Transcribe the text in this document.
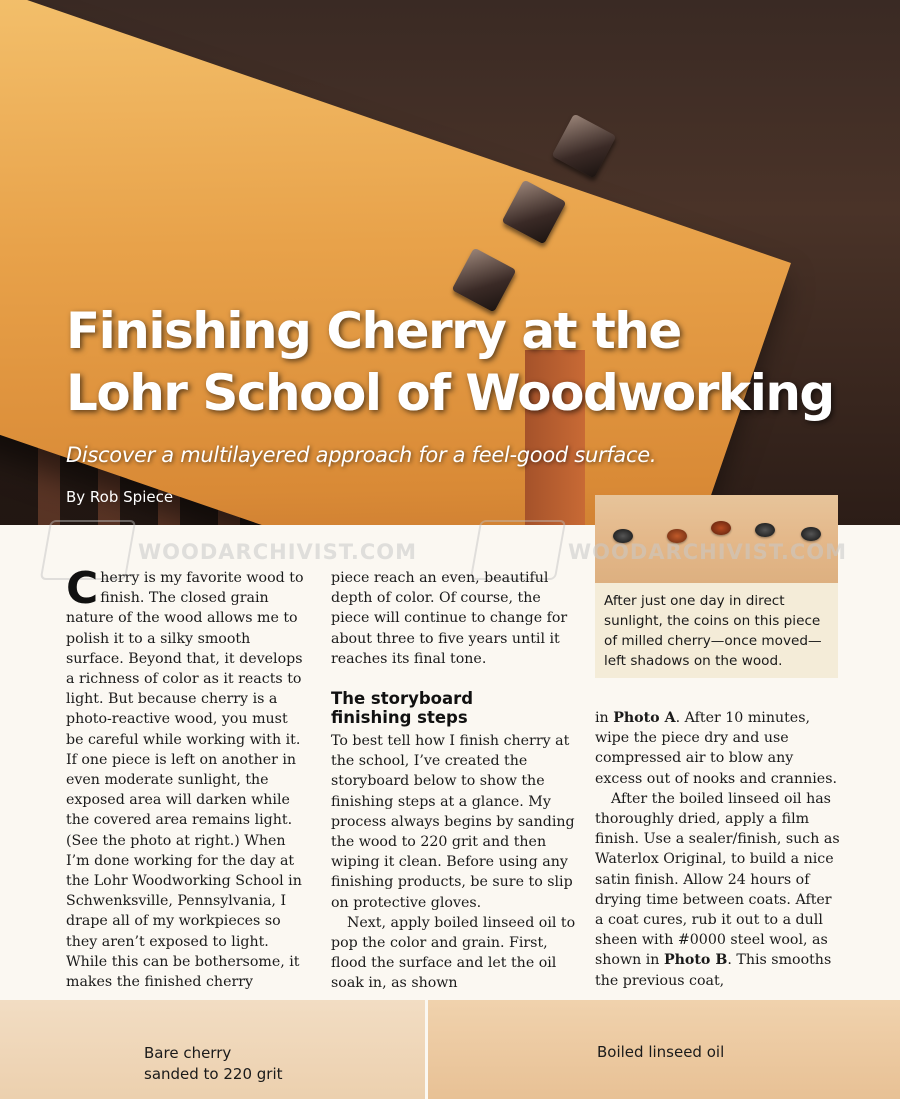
Finishing Cherry at the
Lohr School of Woodworking
Discover a multilayered approach for a feel-good surface.
By Rob Spiece

After just one day in direct sunlight, the coins on this piece of milled cherry—once moved—left shadows on the wood.

WOODARCHIVIST.COM	WOODARCHIVIST.COM

Cherry is my favorite wood to finish. The closed grain nature of the wood allows me to polish it to a silky smooth surface. Beyond that, it develops a richness of color as it reacts to light. But because cherry is a photo-reactive wood, you must be careful while working with it. If one piece is left on another in even moderate sunlight, the exposed area will darken while the covered area remains light. (See the photo at right.) When I’m done working for the day at the Lohr Woodworking School in Schwenksville, Pennsylvania, I drape all of my workpieces so they aren’t exposed to light. While this can be bothersome, it makes the finished cherry

piece reach an even, beautiful depth of color. Of course, the piece will continue to change for about three to five years until it reaches its final tone.

The storyboard
finishing steps

To best tell how I finish cherry at the school, I’ve created the storyboard below to show the finishing steps at a glance. My process always begins by sanding the wood to 220 grit and then wiping it clean. Before using any finishing products, be sure to slip on protective gloves.

Next, apply boiled linseed oil to pop the color and grain. First, flood the surface and let the oil soak in, as shown

in Photo A. After 10 minutes, wipe the piece dry and use compressed air to blow any excess out of nooks and crannies.

After the boiled linseed oil has thoroughly dried, apply a film finish. Use a sealer/finish, such as Waterlox Original, to build a nice satin finish. Allow 24 hours of drying time between coats. After a coat cures, rub it out to a dull sheen with #0000 steel wool, as shown in Photo B. This smooths the previous coat,

Bare cherry
sanded to 220 grit
Boiled linseed oil
